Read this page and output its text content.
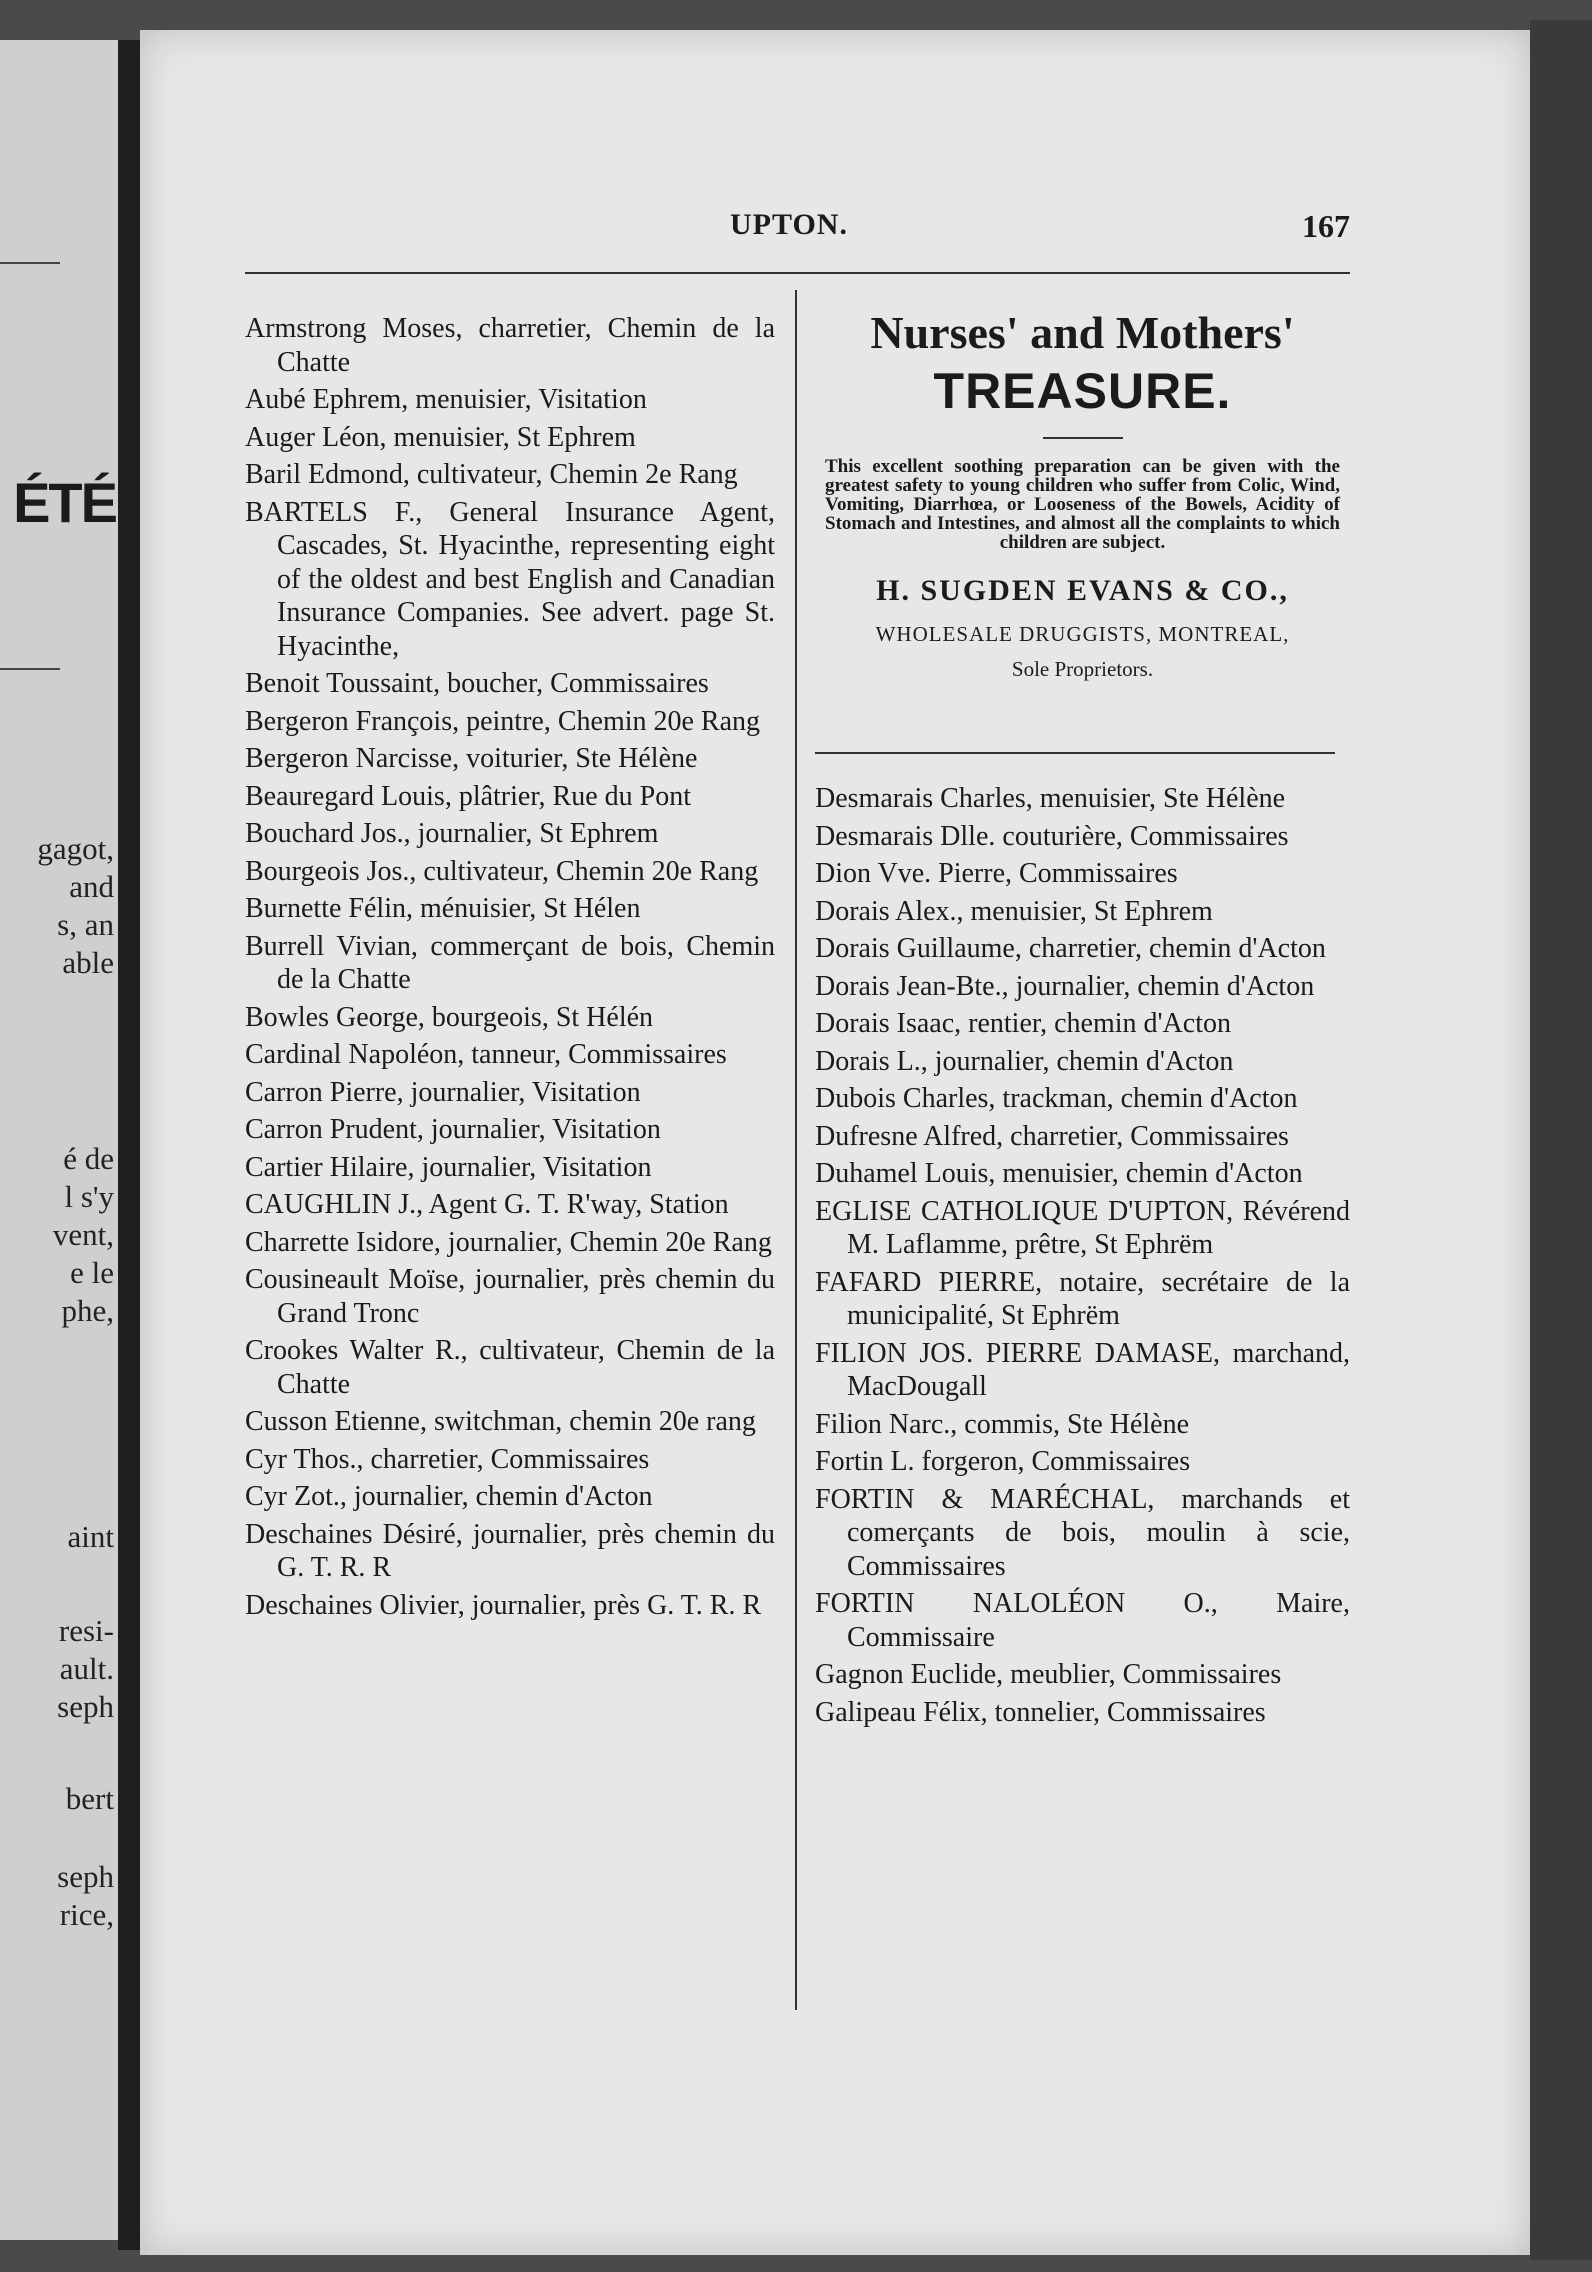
ÉTÉ
gagot,
and
s, an
able
é de
l s'y
vent,
e le
phe,
aint
resi-
ault.
seph
bert
seph
rice,
UPTON.	167
Armstrong Moses, charretier, Chemin de la Chatte
Aubé Ephrem, menuisier, Visitation
Auger Léon, menuisier, St Ephrem
Baril Edmond, cultivateur, Chemin 2e Rang
BARTELS F., General Insurance Agent, Cascades, St. Hyacinthe, representing eight of the oldest and best English and Canadian Insurance Companies. See advert. page St. Hyacinthe,
Benoit Toussaint, boucher, Commissaires
Bergeron François, peintre, Chemin 20e Rang
Bergeron Narcisse, voiturier, Ste Hélène
Beauregard Louis, plâtrier, Rue du Pont
Bouchard Jos., journalier, St Ephrem
Bourgeois Jos., cultivateur, Chemin 20e Rang
Burnette Félin, ménuisier, St Hélen
Burrell Vivian, commerçant de bois, Chemin de la Chatte
Bowles George, bourgeois, St Hélén
Cardinal Napoléon, tanneur, Commissaires
Carron Pierre, journalier, Visitation
Carron Prudent, journalier, Visitation
Cartier Hilaire, journalier, Visitation
CAUGHLIN J., Agent G. T. R'way, Station
Charrette Isidore, journalier, Chemin 20e Rang
Cousineault Moïse, journalier, près chemin du Grand Tronc
Crookes Walter R., cultivateur, Chemin de la Chatte
Cusson Etienne, switchman, chemin 20e rang
Cyr Thos., charretier, Commissaires
Cyr Zot., journalier, chemin d'Acton
Deschaines Désiré, journalier, près chemin du G. T. R. R
Deschaines Olivier, journalier, près G. T. R. R
Nurses' and Mothers'
TREASURE.
This excellent soothing preparation can be given with the greatest safety to young children who suffer from Colic, Wind, Vomiting, Diarrhœa, or Looseness of the Bowels, Acidity of Stomach and Intestines, and almost all the complaints to which children are subject.
H. SUGDEN EVANS & CO.,
WHOLESALE DRUGGISTS, MONTREAL,
Sole Proprietors.
Desmarais Charles, menuisier, Ste Hélène
Desmarais Dlle. couturière, Commissaires
Dion Vve. Pierre, Commissaires
Dorais Alex., menuisier, St Ephrem
Dorais Guillaume, charretier, chemin d'Acton
Dorais Jean-Bte., journalier, chemin d'Acton
Dorais Isaac, rentier, chemin d'Acton
Dorais L., journalier, chemin d'Acton
Dubois Charles, trackman, chemin d'Acton
Dufresne Alfred, charretier, Commissaires
Duhamel Louis, menuisier, chemin d'Acton
EGLISE CATHOLIQUE D'UPTON, Révérend M. Laflamme, prêtre, St Ephrëm
FAFARD PIERRE, notaire, secrétaire de la municipalité, St Ephrëm
FILION JOS. PIERRE DAMASE, marchand, MacDougall
Filion Narc., commis, Ste Hélène
Fortin L. forgeron, Commissaires
FORTIN & MARÉCHAL, marchands et comerçants de bois, moulin à scie, Commissaires
FORTIN NALOLÉON O., Maire, Commissaire
Gagnon Euclide, meublier, Commissaires
Galipeau Félix, tonnelier, Commissaires
